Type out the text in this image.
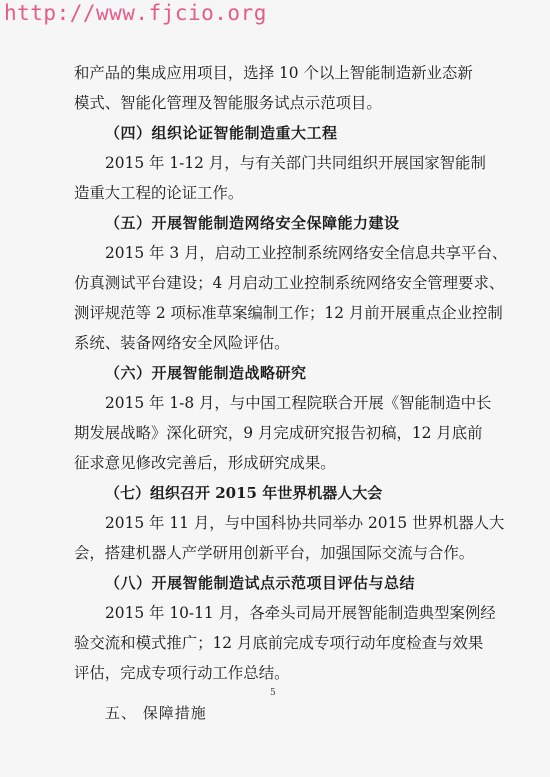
http://www.fjcio.org
和产品的集成应用项目，选择 10 个以上智能制造新业态新
模式、智能化管理及智能服务试点示范项目。
（四）组织论证智能制造重大工程
2015 年 1-12 月，与有关部门共同组织开展国家智能制
造重大工程的论证工作。
（五）开展智能制造网络安全保障能力建设
2015 年 3 月，启动工业控制系统网络安全信息共享平台、
仿真测试平台建设；4 月启动工业控制系统网络安全管理要求、
测评规范等 2 项标准草案编制工作；12 月前开展重点企业控制
系统、装备网络安全风险评估。
（六）开展智能制造战略研究
2015 年 1-8 月，与中国工程院联合开展《智能制造中长
期发展战略》深化研究，9 月完成研究报告初稿，12 月底前
征求意见修改完善后，形成研究成果。
（七）组织召开 2015 年世界机器人大会
2015 年 11 月，与中国科协共同举办 2015 世界机器人大
会，搭建机器人产学研用创新平台，加强国际交流与合作。
（八）开展智能制造试点示范项目评估与总结
2015 年 10-11 月，各牵头司局开展智能制造典型案例经
验交流和模式推广；12 月底前完成专项行动年度检查与效果
评估，完成专项行动工作总结。
五、 保障措施
5
